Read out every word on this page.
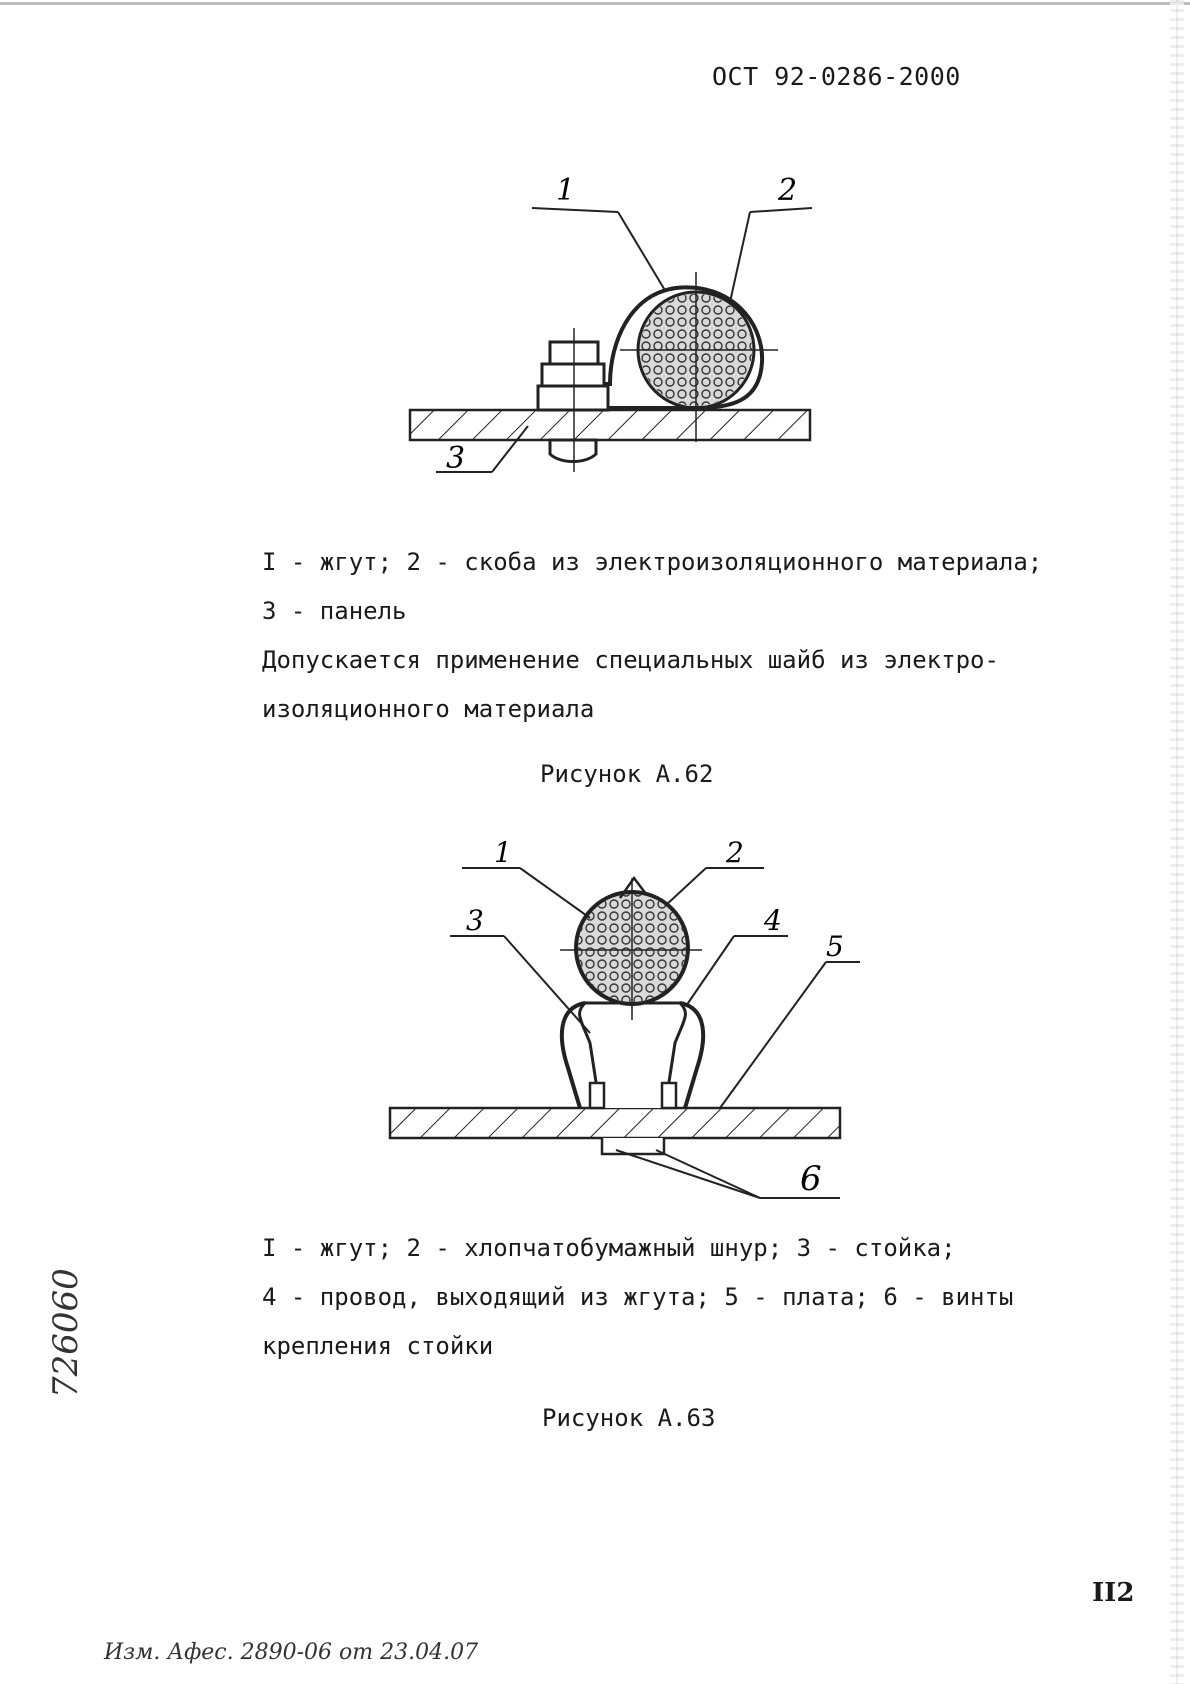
ОСТ 92-0286-2000
1	2
3

I - жгут; 2 - скоба из электроизоляционного материала;

3 - панель

Допускается применение специальных шайб из электро-

изоляционного материала

Рисунок А.62
1	2
3	4
5
6

I - жгут; 2 - хлопчатобумажный шнур; 3 - стойка;

4 - провод, выходящий из жгута; 5 - плата; 6 - винты

крепления стойки

Рисунок А.63
726060
II2
Изм. Афес. 2890-06 от 23.04.07
